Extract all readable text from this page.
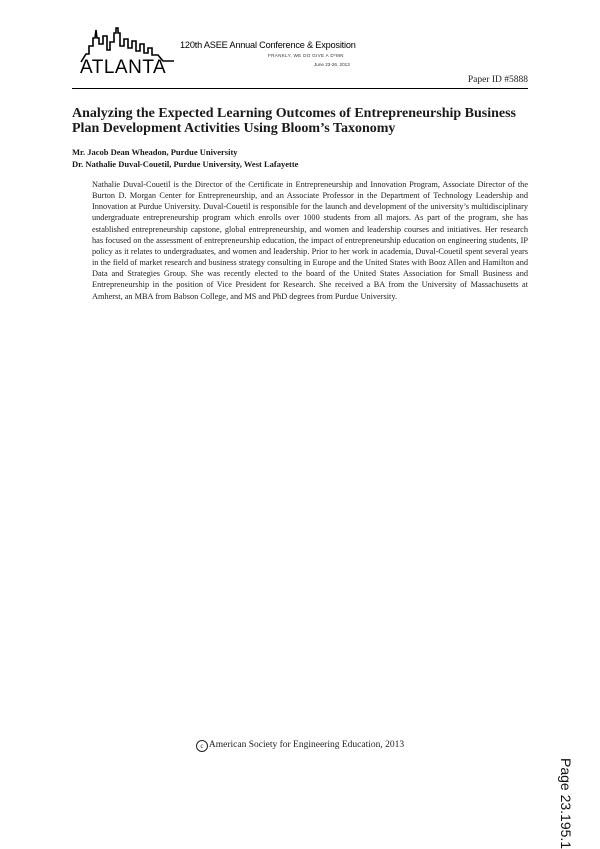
ATLANTA

120th ASEE Annual Conference & Exposition

FRANKLY, WE DO GIVE A D*MN

June 23-26, 2013

Paper ID #5888

Analyzing the Expected Learning Outcomes of Entrepreneurship Business Plan Development Activities Using Bloom’s Taxonomy

Mr. Jacob Dean Wheadon, Purdue University

Dr. Nathalie Duval-Couetil, Purdue University, West Lafayette

Nathalie Duval-Couetil is the Director of the Certificate in Entrepreneurship and Innovation Program, Associate Director of the Burton D. Morgan Center for Entrepreneurship, and an Associate Professor in the Department of Technology Leadership and Innovation at Purdue University. Duval-Couetil is responsible for the launch and development of the university’s multidisciplinary undergraduate entrepreneurship program which enrolls over 1000 students from all majors. As part of the program, she has established entrepreneurship capstone, global entrepreneurship, and women and leadership courses and initiatives. Her research has focused on the assessment of entrepreneurship education, the impact of entrepreneurship education on engineering students, IP policy as it relates to undergraduates, and women and leadership. Prior to her work in academia, Duval-Couetil spent several years in the field of market research and business strategy consulting in Europe and the United States with Booz Allen and Hamilton and Data and Strategies Group. She was recently elected to the board of the United States Association for Small Business and Entrepreneurship in the position of Vice President for Research. She received a BA from the University of Massachusetts at Amherst, an MBA from Babson College, and MS and PhD degrees from Purdue University.

Page 23.195.1

c American Society for Engineering Education, 2013
